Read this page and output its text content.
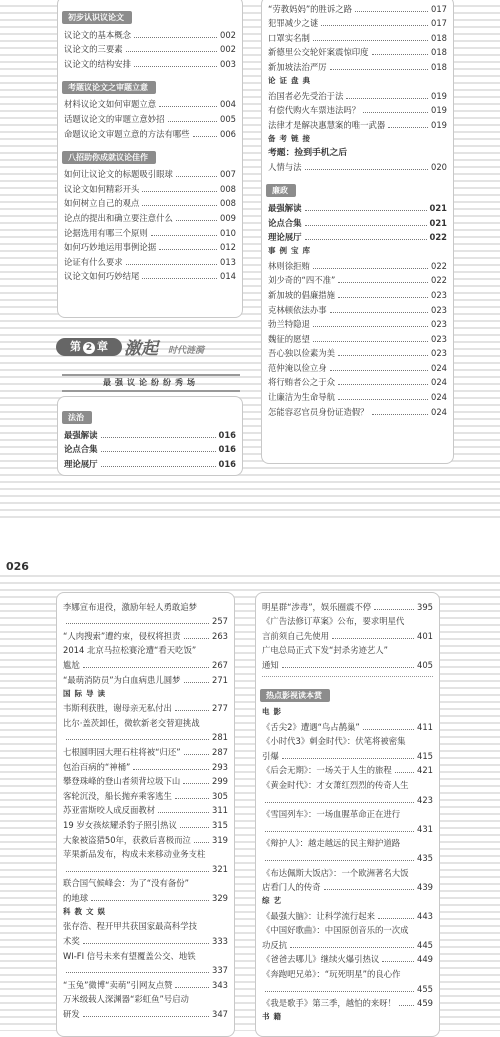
026
初步认识议论文
议论文的基本概念	002
议论文的三要素	002
议论文的结构安排	003
考题议论文之审题立意
材料议论文如何审题立意	004
话题议论文的审题立意妙招	005
命题议论文审题立意的方法有哪些	006
八招助你成就议论佳作
如何让议论文的标题吸引眼球	007
议论文如何精彩开头	008
如何树立自己的观点	008
论点的提出和确立要注意什么	009
论据选用有哪三个原则	010
如何巧妙地运用事例论据	012
论证有什么要求	013
议论文如何巧妙结尾	014
第 2 章 激起 时代涟漪
最强议论纷纷秀场
法治
最强解读	016
论点合集	016
理论展厅	016
“劳教妈妈”的胜诉之路	017
犯罪减少之谜	017
口罩实名制	018
新德里公交轮奸案震惊印度	018
新加坡法治严厉	018
论证盘典
治国者必先受治于法	019
有偿代购火车票违法吗？	019
法律才是解决惠慧案的唯一武器	019
备考链接
考题：捡到手机之后
人情与法	020
廉政
最强解读	021
论点合集	021
理论展厅	022
事例宝库
林则徐拒贿	022
刘少奇的“四不准”	022
新加坡的倡廉措施	023
克林顿依法办事	023
勃兰特隐退	023
魏征的愿望	023
吾心独以俭素为美	023
范仲淹以俭立身	024
将行贿者公之于众	024
让廉洁为生命导航	024
怎能容忍官员身份证造假？	024
李娜宣布退役，激励年轻人勇敢追梦
257
“人肉搜索”遭约束，侵权将担责	263
2014 北京马拉松赛沦遭“看天吃饭”
尴尬	267
“最萌消防员”为白血病患儿圆梦	271
国际导读
韦斯利获胜，谢母亲无私付出	277
比尔·盖茨卸任，微软新老交替迎挑战
281
七根圆明园大理石柱将被“归还”	287
包治百病的“神桶”	293
攀登珠峰的登山者须背垃圾下山	299
客轮沉没，船长抛弃乘客逃生	305
苏亚雷斯咬人成反面教材	311
19 岁女孩炫耀杀豹子照引热议	315
大象被盗猎50年，获救后喜极而泣	319
苹果新品发布，构成未来移动业务支柱
321
联合国气候峰会：为了“没有备份”
的地球	329
科教文娱
张存浩、程开甲共获国家最高科学技
术奖	333
WI-FI 信号未来有望覆盖公交、地铁
337
“玉兔”微博“卖萌”引网友点赞	343
万米级载人深渊器“彩虹鱼”号启动
研发	347
明星群“涉毒”，娱乐圈震不停	395
《广告法修订草案》公布，要求明星代
言前须自己先使用	401
广电总局正式下发“封杀劣迹艺人”
通知	405
热点影视读本赏
电影
《舌尖2》遭遇“鸟占鹊巢”	411
《小时代3》刺金时代》：伏笔将被密集
引爆	415
《后会无期》：一场关于人生的旅程	421
《黄金时代》：才女萧红烈烈的传奇人生
423
《雪国列车》：一场血腥革命正在进行
431
《辩护人》：越走越远的民主辩护道路
435
《布达佩斯大饭店》：一个欧洲著名大饭
店看门人的传奇	439
综艺
《最强大脑》：让科学流行起来	443
《中国好歌曲》：中国原创音乐的一次成
功反抗	445
《爸爸去哪儿》继续火爆引热议	449
《奔跑吧兄弟》：“玩死明星”的良心作
455
《我是歌手》第三季，越怕的来呀！	459
书籍
